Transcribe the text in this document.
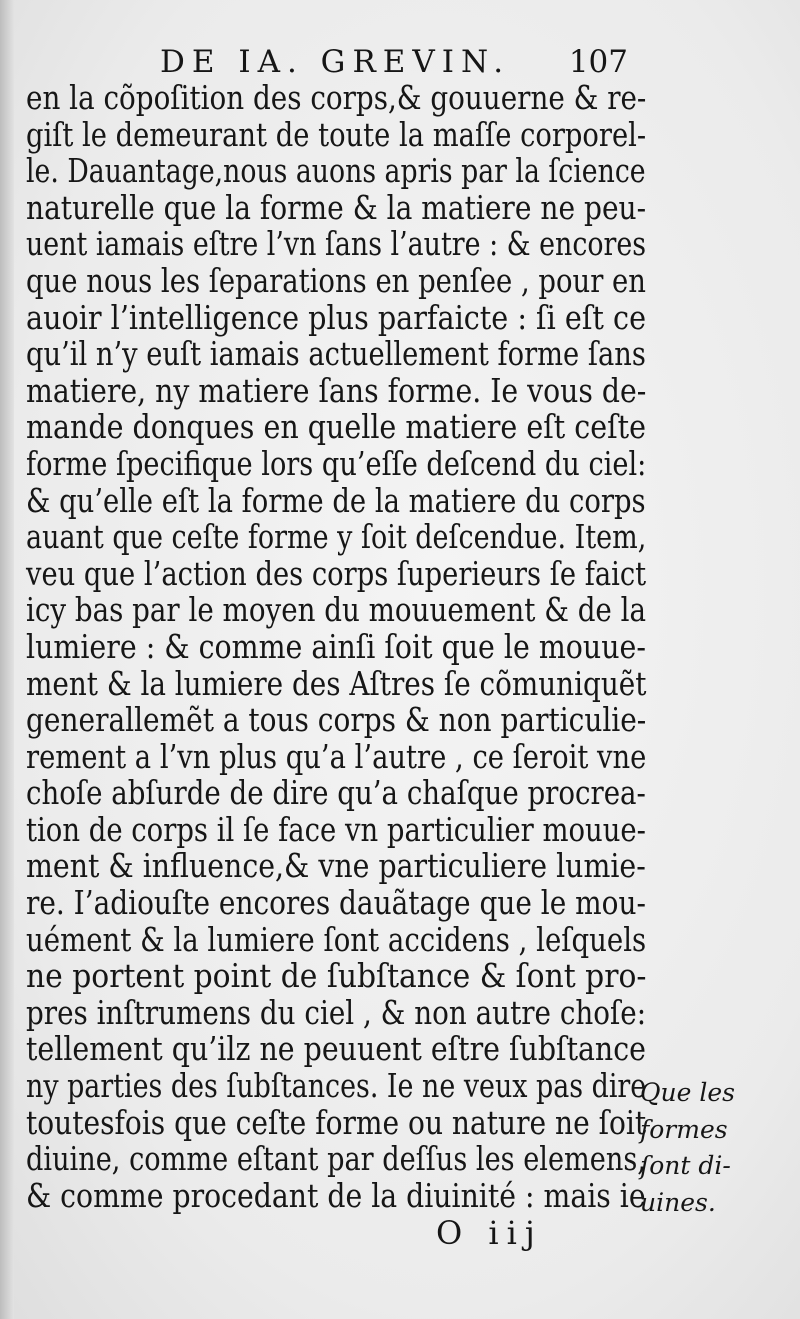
DE IA. GREVIN. 107
en la cõpoſition des corps,& gouuerne & re-
giſt le demeurant de toute la maſſe corporel-
le. Dauantage,nous auons apris par la ſcience
naturelle que la forme & la matiere ne peu-
uent iamais eſtre l’vn ſans l’autre : & encores
que nous les ſeparations en penſee , pour en
auoir l’intelligence plus parfaicte : ſi eſt ce
qu’il n’y euſt iamais actuellement forme ſans
matiere, ny matiere ſans forme. Ie vous de-
mande donques en quelle matiere eſt ceſte
forme ſpecifique lors qu’eſſe deſcend du ciel:
& qu’elle eſt la forme de la matiere du corps
auant que ceſte forme y ſoit deſcendue. Item,
veu que l’action des corps ſuperieurs ſe faict
icy bas par le moyen du mouuement & de la
lumiere : & comme ainſi ſoit que le mouue-
ment & la lumiere des Aſtres ſe cõmuniquẽt
generallemẽt a tous corps & non particulie-
rement a l’vn plus qu’a l’autre , ce ſeroit vne
choſe abſurde de dire qu’a chaſque procrea-
tion de corps il ſe face vn particulier mouue-
ment & influence,& vne particuliere lumie-
re. I’adiouſte encores dauãtage que le mou-
uément & la lumiere ſont accidens , leſquels
ne portent point de ſubſtance & ſont pro-
pres inſtrumens du ciel , & non autre choſe:
tellement qu’ilz ne peuuent eſtre ſubſtance
ny parties des ſubſtances. Ie ne veux pas dire
toutesfois que ceſte forme ou nature ne ſoit
diuine, comme eſtant par deſſus les elemens,
& comme procedant de la diuinité : mais ie
Que les
formes
ſont di-
uines.
O iij
